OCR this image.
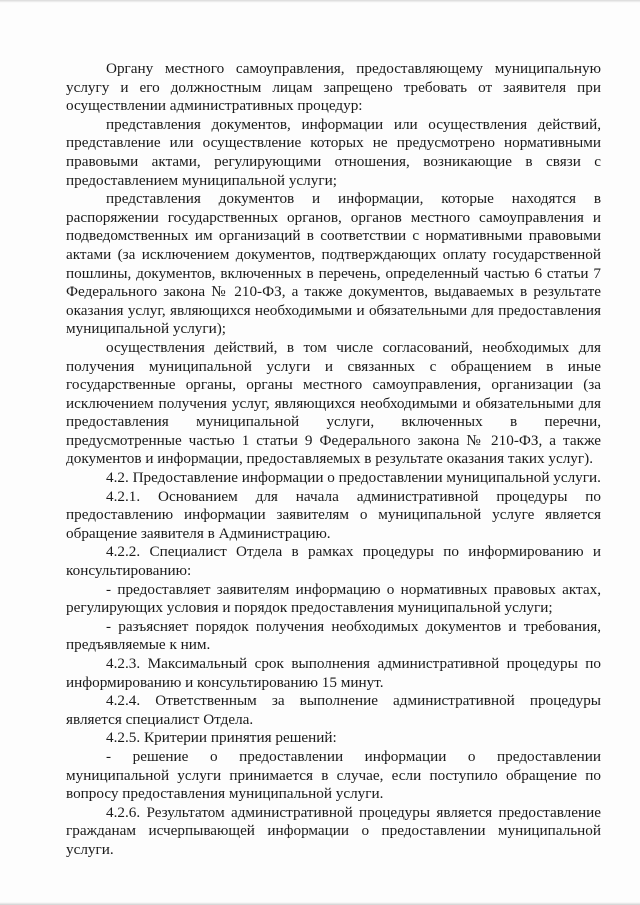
Органу местного самоуправления, предоставляющему муниципальную услугу и его должностным лицам запрещено требовать от заявителя при осуществлении административных процедур:

представления документов, информации или осуществления действий, представление или осуществление которых не предусмотрено нормативными правовыми актами, регулирующими отношения, возникающие в связи с предоставлением муниципальной услуги;

представления документов и информации, которые находятся в распоряжении государственных органов, органов местного самоуправления и подведомственных им организаций в соответствии с нормативными правовыми актами (за исключением документов, подтверждающих оплату государственной пошлины, документов, включенных в перечень, определенный частью 6 статьи 7 Федерального закона № 210-ФЗ, а также документов, выдаваемых в результате оказания услуг, являющихся необходимыми и обязательными для предоставления муниципальной услуги);

осуществления действий, в том числе согласований, необходимых для получения муниципальной услуги и связанных с обращением в иные государственные органы, органы местного самоуправления, организации (за исключением получения услуг, являющихся необходимыми и обязательными для предоставления муниципальной услуги, включенных в перечни, предусмотренные частью 1 статьи 9 Федерального закона № 210-ФЗ, а также документов и информации, предоставляемых в результате оказания таких услуг).

4.2. Предоставление информации о предоставлении муниципальной услуги.

4.2.1. Основанием для начала административной процедуры по предоставлению информации заявителям о муниципальной услуге является обращение заявителя в Администрацию.

4.2.2. Специалист Отдела в рамках процедуры по информированию и консультированию:

- предоставляет заявителям информацию о нормативных правовых актах, регулирующих условия и порядок предоставления муниципальной услуги;

- разъясняет порядок получения необходимых документов и требования, предъявляемые к ним.

4.2.3. Максимальный срок выполнения административной процедуры по информированию и консультированию 15 минут.

4.2.4. Ответственным за выполнение административной процедуры является специалист Отдела.

4.2.5. Критерии принятия решений:

- решение о предоставлении информации о предоставлении муниципальной услуги принимается в случае, если поступило обращение по вопросу предоставления муниципальной услуги.

4.2.6. Результатом административной процедуры является предоставление гражданам исчерпывающей информации о предоставлении муниципальной услуги.
